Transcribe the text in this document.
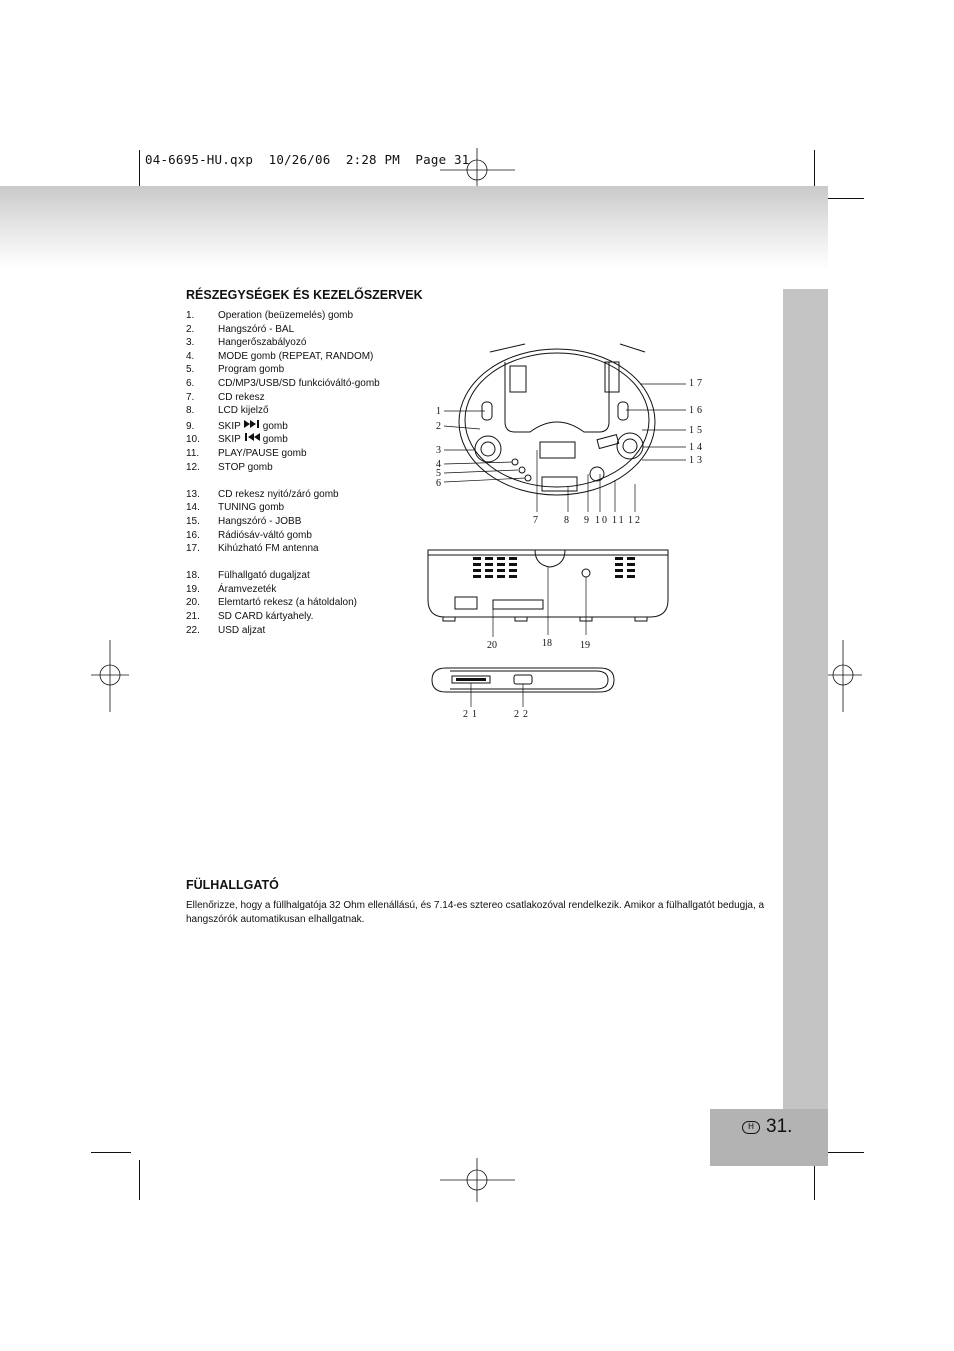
04-6695-HU.qxp  10/26/06  2:28 PM  Page 31
H 31.
RÉSZEGYSÉGEK ÉS KEZELŐSZERVEK
1.	Operation (beüzemelés) gomb
2.	Hangszóró - BAL
3.	Hangerőszabályozó
4.	MODE gomb (REPEAT, RANDOM)
5.	Program gomb
6.	CD/MP3/USB/SD funkcióváltó-gomb
7.	CD rekesz
8.	LCD kijelző
9.	SKIP gomb
10.	SKIP gomb
11.	PLAY/PAUSE gomb
12.	STOP gomb
13.	CD rekesz nyitó/záró gomb
14.	TUNING gomb
15.	Hangszóró - JOBB
16.	Rádiósáv-váltó gomb
17.	Kihúzható FM antenna
18.	Fülhallgató dugaljzat
19.	Áramvezeték
20.	Elemtartó rekesz (a hátoldalon)
21.	SD CARD kártyahely.
22.	USD aljzat
1
2
3
4
5
6
17
16
15
14
13
7	8 9 10 11 12
20	18	19
21	22
FÜLHALLGATÓ

Ellenőrizze, hogy a füllhalgatója 32 Ohm ellenállású, és 7.14-es sztereo csatlakozóval rendelkezik. Amikor a fülhallgatót bedugja, a hangszórók automatikusan elhallgatnak.
